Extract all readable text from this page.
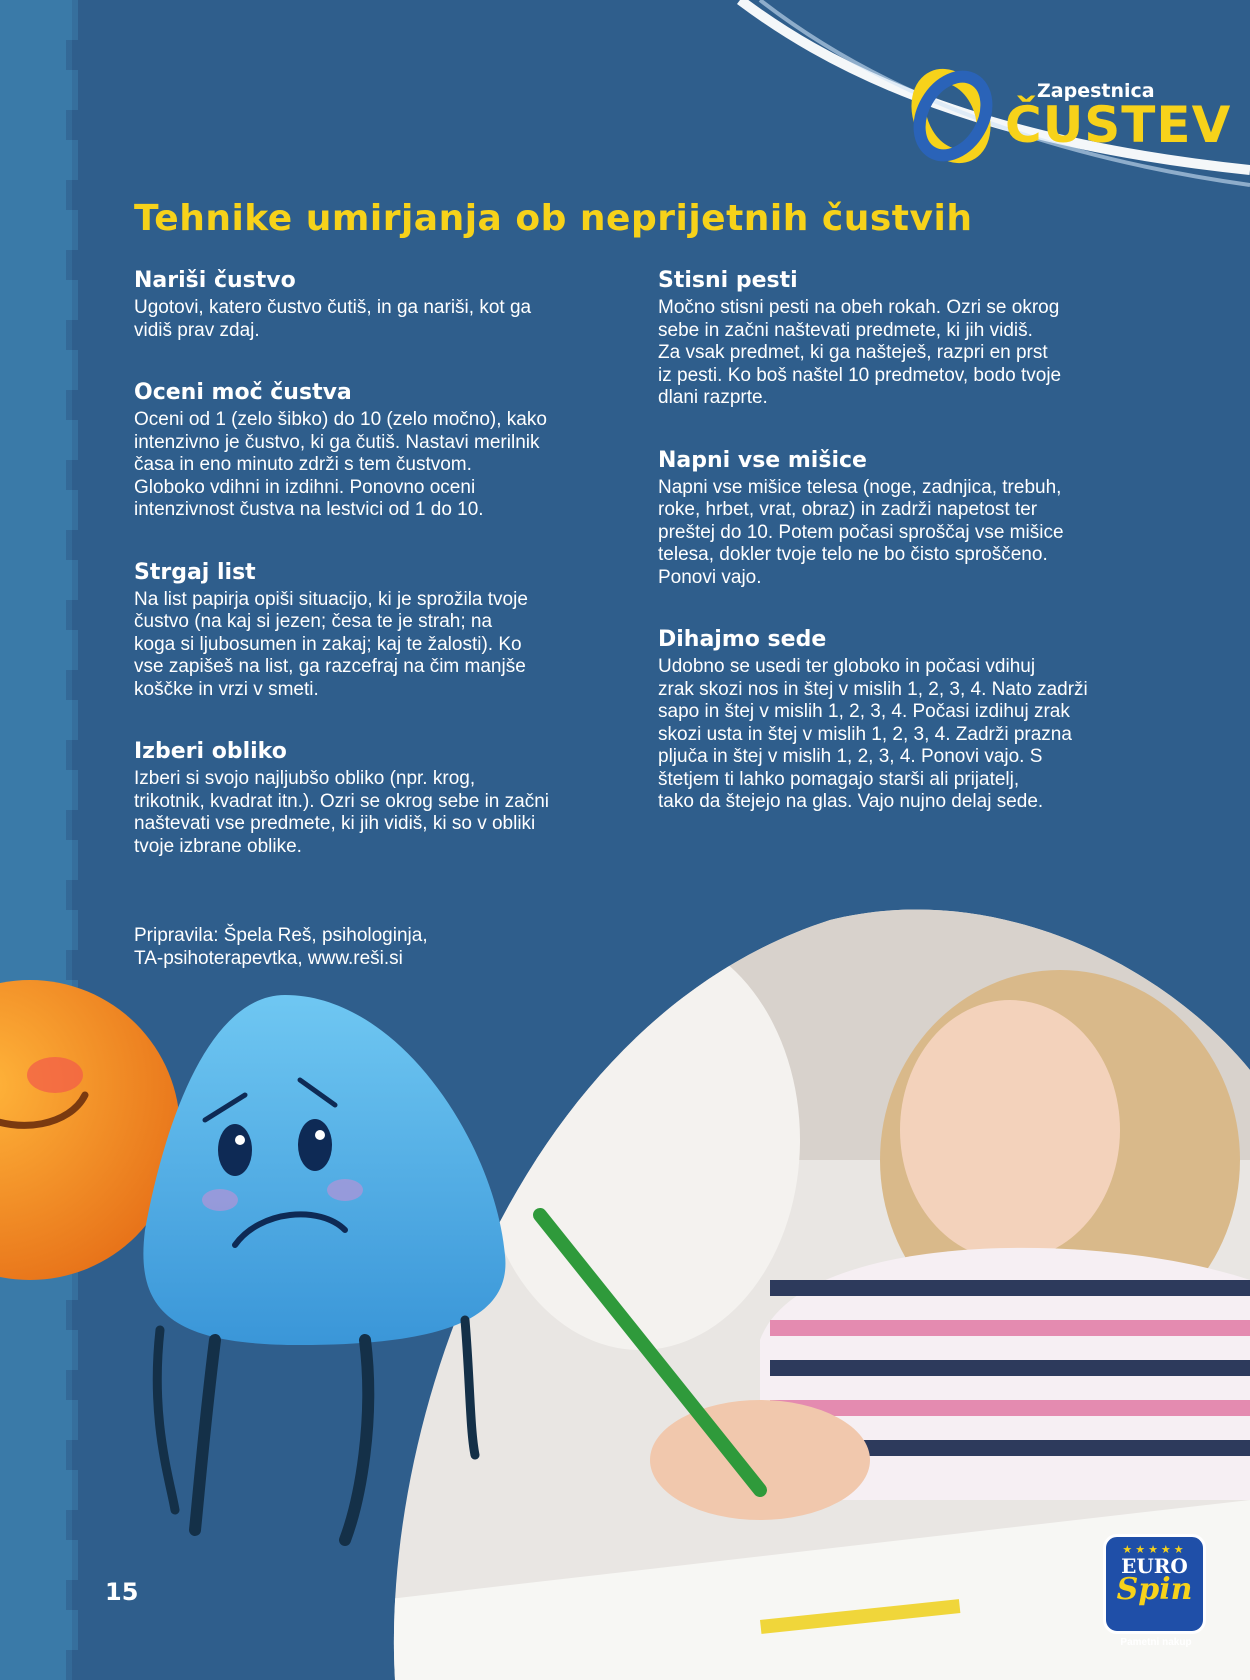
Zapestnica
ČUSTEV
Tehnike umirjanja ob neprijetnih čustvih
Nariši čustvo

Ugotovi, katero čustvo čutiš, in ga nariši, kot ga
vidiš prav zdaj.

Oceni moč čustva

Oceni od 1 (zelo šibko) do 10 (zelo močno), kako
intenzivno je čustvo, ki ga čutiš. Nastavi merilnik
časa in eno minuto zdrži s tem čustvom.
Globoko vdihni in izdihni. Ponovno oceni
intenzivnost čustva na lestvici od 1 do 10.

Strgaj list

Na list papirja opiši situacijo, ki je sprožila tvoje
čustvo (na kaj si jezen; česa te je strah; na
koga si ljubosumen in zakaj; kaj te žalosti). Ko
vse zapišeš na list, ga razcefraj na čim manjše
koščke in vrzi v smeti.

Izberi obliko

Izberi si svojo najljubšo obliko (npr. krog,
trikotnik, kvadrat itn.). Ozri se okrog sebe in začni
naštevati vse predmete, ki jih vidiš, ki so v obliki
tvoje izbrane oblike.

Stisni pesti

Močno stisni pesti na obeh rokah. Ozri se okrog
sebe in začni naštevati predmete, ki jih vidiš.
Za vsak predmet, ki ga našteješ, razpri en prst
iz pesti. Ko boš naštel 10 predmetov, bodo tvoje
dlani razprte.

Napni vse mišice

Napni vse mišice telesa (noge, zadnjica, trebuh,
roke, hrbet, vrat, obraz) in zadrži napetost ter
preštej do 10. Potem počasi sproščaj vse mišice
telesa, dokler tvoje telo ne bo čisto sproščeno.
Ponovi vajo.

Dihajmo sede

Udobno se usedi ter globoko in počasi vdihuj
zrak skozi nos in štej v mislih 1, 2, 3, 4. Nato zadrži
sapo in štej v mislih 1, 2, 3, 4. Počasi izdihuj zrak
skozi usta in štej v mislih 1, 2, 3, 4. Zadrži prazna
pljuča in štej v mislih 1, 2, 3, 4. Ponovi vajo. S
štetjem ti lahko pomagajo starši ali prijatelj,
tako da štejejo na glas. Vajo nujno delaj sede.

Pripravila: Špela Reš, psihologinja,
TA-psihoterapevtka, www.reši.si

15
★★★★★
EURO
Spin
Pametni nakup
